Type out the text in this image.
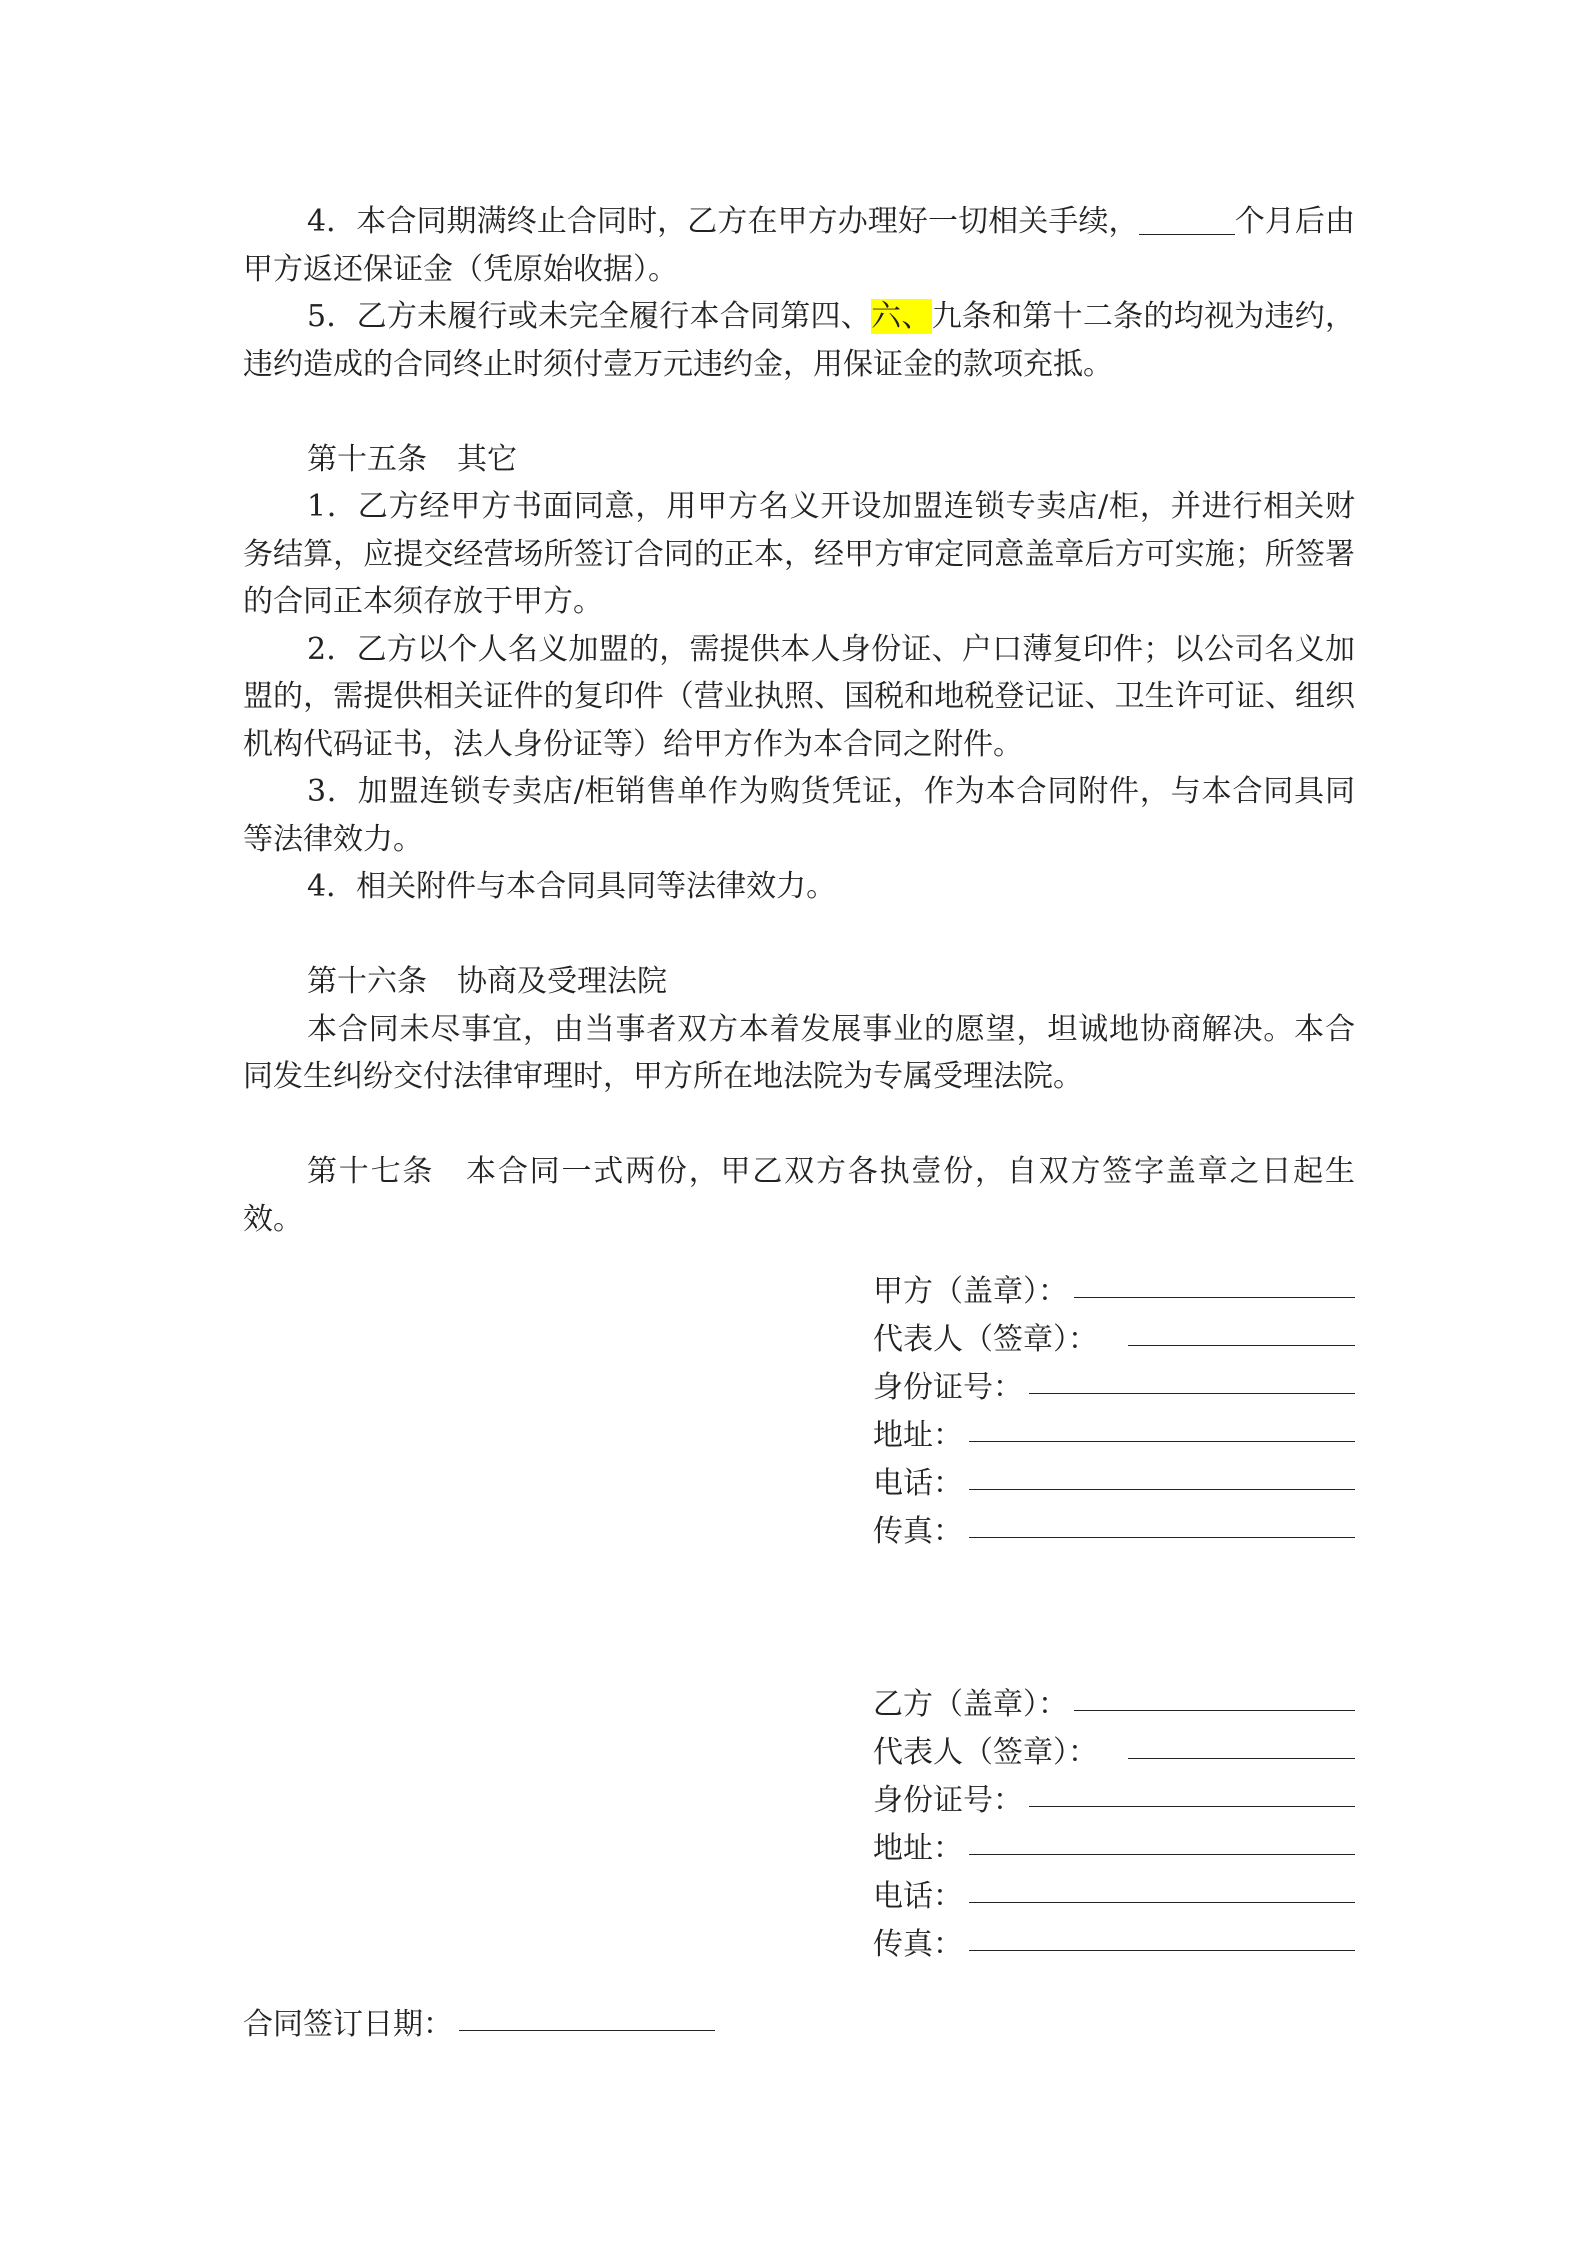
4．本合同期满终止合同时，乙方在甲方办理好一切相关手续，	个月后由甲方返还保证金（凭原始收据）。

5．乙方未履行或未完全履行本合同第四、六、九条和第十二条的均视为违约，违约造成的合同终止时须付壹万元违约金，用保证金的款项充抵。

第十五条　其它

1．乙方经甲方书面同意，用甲方名义开设加盟连锁专卖店/柜，并进行相关财务结算，应提交经营场所签订合同的正本，经甲方审定同意盖章后方可实施；所签署的合同正本须存放于甲方。

2．乙方以个人名义加盟的，需提供本人身份证、户口薄复印件；以公司名义加盟的，需提供相关证件的复印件（营业执照、国税和地税登记证、卫生许可证、组织机构代码证书，法人身份证等）给甲方作为本合同之附件。

3．加盟连锁专卖店/柜销售单作为购货凭证，作为本合同附件，与本合同具同等法律效力。

4．相关附件与本合同具同等法律效力。

第十六条　协商及受理法院

本合同未尽事宜，由当事者双方本着发展事业的愿望，坦诚地协商解决。本合同发生纠纷交付法律审理时，甲方所在地法院为专属受理法院。

第十七条　本合同一式两份，甲乙双方各执壹份，自双方签字盖章之日起生效。

甲方（盖章）：
代表人（签章）：
身份证号：
地址：
电话：
传真：
乙方（盖章）：
代表人（签章）：
身份证号：
地址：
电话：
传真：
合同签订日期：
